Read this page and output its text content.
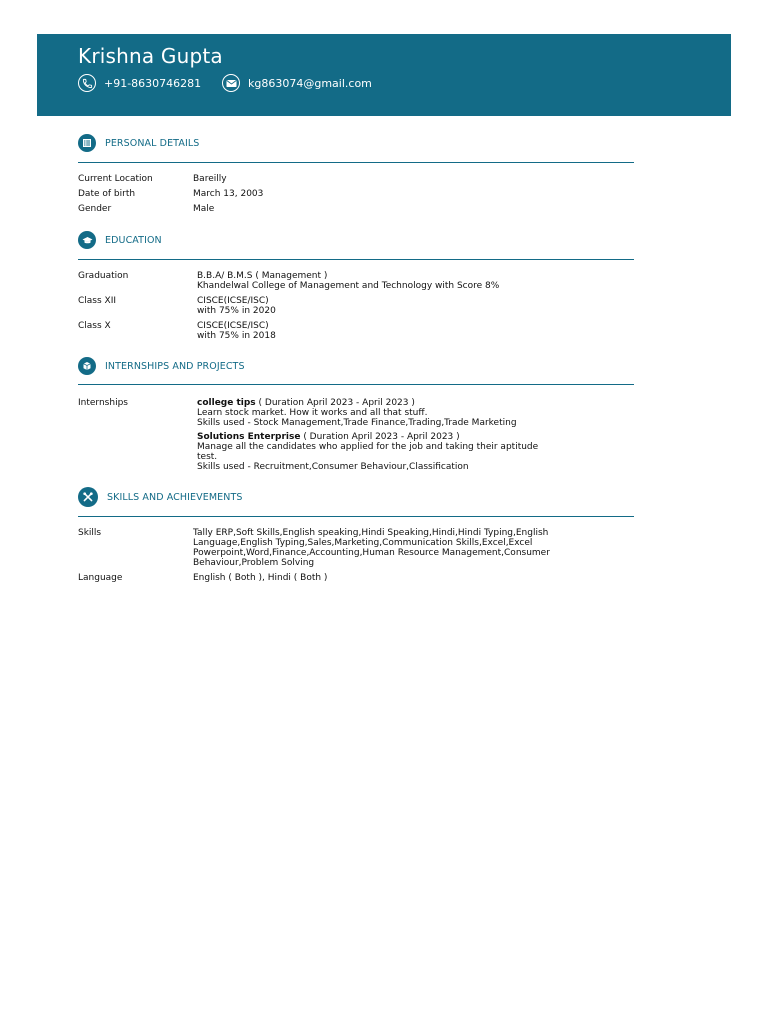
Krishna Gupta
+91-8630746281	kg863074@gmail.com
PERSONAL DETAILS
Current Location	Bareilly
Date of birth	March 13, 2003
Gender	Male
EDUCATION
Graduation	B.B.A/ B.M.S ( Management )
Khandelwal College of Management and Technology with Score 8%
Class XII	CISCE(ICSE/ISC)
with 75% in 2020
Class X	CISCE(ICSE/ISC)
with 75% in 2018
INTERNSHIPS AND PROJECTS
Internships	college tips ( Duration April 2023 - April 2023 )
Learn stock market. How it works and all that stuff.
Skills used - Stock Management,Trade Finance,Trading,Trade Marketing
Solutions Enterprise ( Duration April 2023 - April 2023 )
Manage all the candidates who applied for the job and taking their aptitude
test.
Skills used - Recruitment,Consumer Behaviour,Classification
SKILLS AND ACHIEVEMENTS
Skills	Tally ERP,Soft Skills,English speaking,Hindi Speaking,Hindi,Hindi Typing,English
Language,English Typing,Sales,Marketing,Communication Skills,Excel,Excel
Powerpoint,Word,Finance,Accounting,Human Resource Management,Consumer
Behaviour,Problem Solving
Language	English ( Both ), Hindi ( Both )
